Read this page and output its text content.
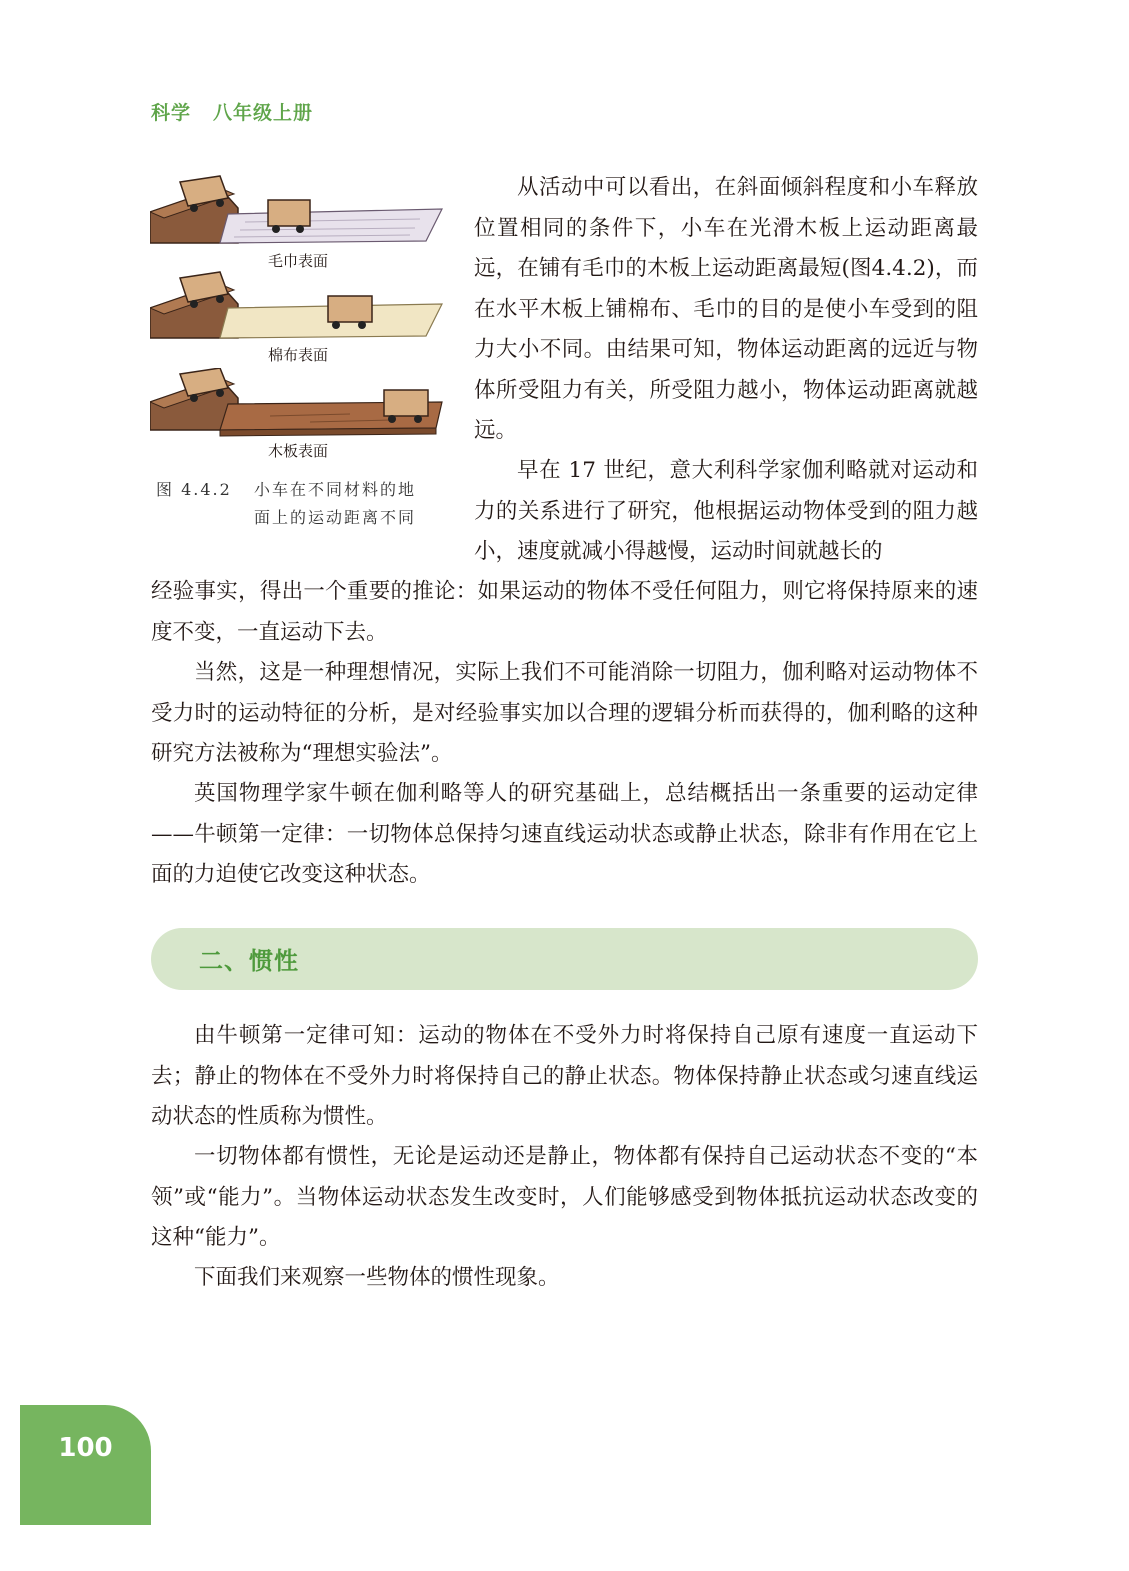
科学 八年级上册
毛巾表面
棉布表面
木板表面
图 4.4.2 小车在不同材料的地
面上的运动距离不同

从活动中可以看出，在斜面倾斜程度和小车释放位置相同的条件下，小车在光滑木板上运动距离最远，在铺有毛巾的木板上运动距离最短(图4.4.2)，而在水平木板上铺棉布、毛巾的目的是使小车受到的阻力大小不同。由结果可知，物体运动距离的远近与物体所受阻力有关，所受阻力越小，物体运动距离就越远。

早在 17 世纪，意大利科学家伽利略就对运动和力的关系进行了研究，他根据运动物体受到的阻力越小，速度就减小得越慢，运动时间就越长的

经验事实，得出一个重要的推论：如果运动的物体不受任何阻力，则它将保持原来的速度不变，一直运动下去。

当然，这是一种理想情况，实际上我们不可能消除一切阻力，伽利略对运动物体不受力时的运动特征的分析，是对经验事实加以合理的逻辑分析而获得的，伽利略的这种研究方法被称为“理想实验法”。

英国物理学家牛顿在伽利略等人的研究基础上，总结概括出一条重要的运动定律——牛顿第一定律：一切物体总保持匀速直线运动状态或静止状态，除非有作用在它上面的力迫使它改变这种状态。

二、惯性

由牛顿第一定律可知：运动的物体在不受外力时将保持自己原有速度一直运动下去；静止的物体在不受外力时将保持自己的静止状态。物体保持静止状态或匀速直线运动状态的性质称为惯性。

一切物体都有惯性，无论是运动还是静止，物体都有保持自己运动状态不变的“本领”或“能力”。当物体运动状态发生改变时，人们能够感受到物体抵抗运动状态改变的这种“能力”。

下面我们来观察一些物体的惯性现象。

100
